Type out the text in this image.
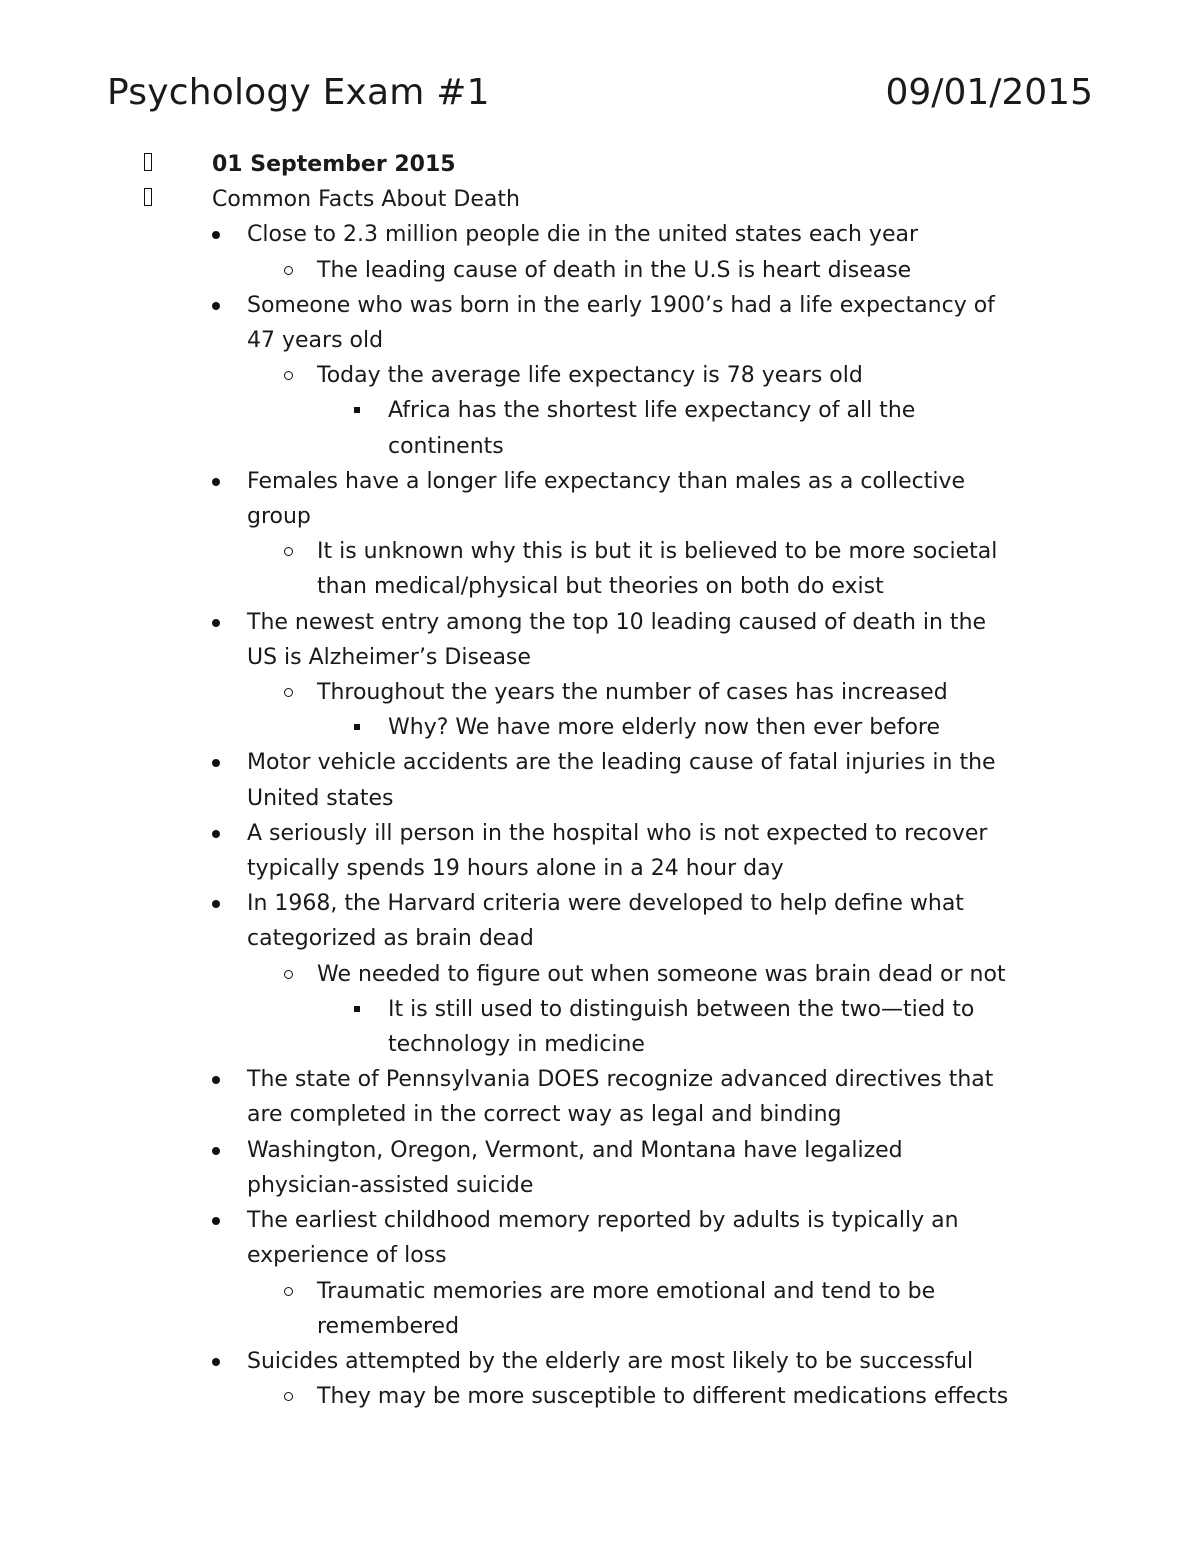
Psychology Exam #1	09/01/2015
01 September 2015
Common Facts About Death
Close to 2.3 million people die in the united states each year
The leading cause of death in the U.S is heart disease
Someone who was born in the early 1900’s had a life expectancy of
47 years old
Today the average life expectancy is 78 years old
Africa has the shortest life expectancy of all the
continents
Females have a longer life expectancy than males as a collective
group
It is unknown why this is but it is believed to be more societal
than medical/physical but theories on both do exist
The newest entry among the top 10 leading caused of death in the
US is Alzheimer’s Disease
Throughout the years the number of cases has increased
Why? We have more elderly now then ever before
Motor vehicle accidents are the leading cause of fatal injuries in the
United states
A seriously ill person in the hospital who is not expected to recover
typically spends 19 hours alone in a 24 hour day
In 1968, the Harvard criteria were developed to help define what
categorized as brain dead
We needed to figure out when someone was brain dead or not
It is still used to distinguish between the two—tied to
technology in medicine
The state of Pennsylvania DOES recognize advanced directives that
are completed in the correct way as legal and binding
Washington, Oregon, Vermont, and Montana have legalized
physician-assisted suicide
The earliest childhood memory reported by adults is typically an
experience of loss
Traumatic memories are more emotional and tend to be
remembered
Suicides attempted by the elderly are most likely to be successful
They may be more susceptible to different medications effects
